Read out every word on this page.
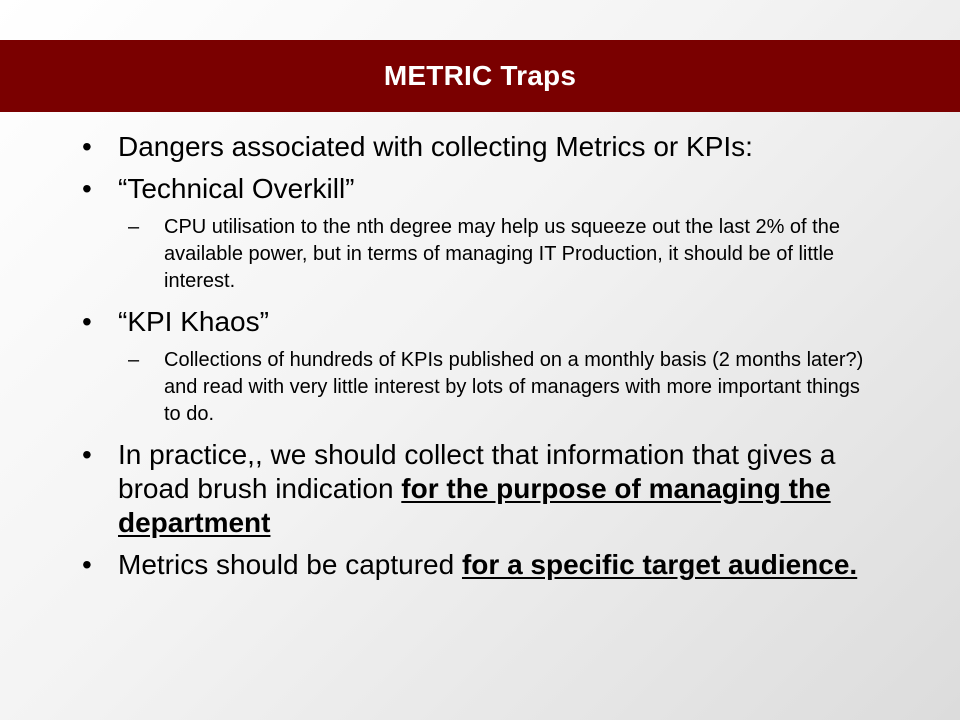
METRIC Traps
• Dangers associated with collecting Metrics or KPIs:
• “Technical Overkill”
–	CPU utilisation to the nth degree may help us squeeze out the last 2% of the available power, but in terms of managing IT Production, it should be of little interest.
• “KPI Khaos”
–	Collections of hundreds of KPIs published on a monthly basis (2 months later?) and read with very little interest by lots of managers with more important things to do.
• In practice,, we should collect that information that gives a broad brush indication for the purpose of managing the department
• Metrics should be captured for a specific target audience.
